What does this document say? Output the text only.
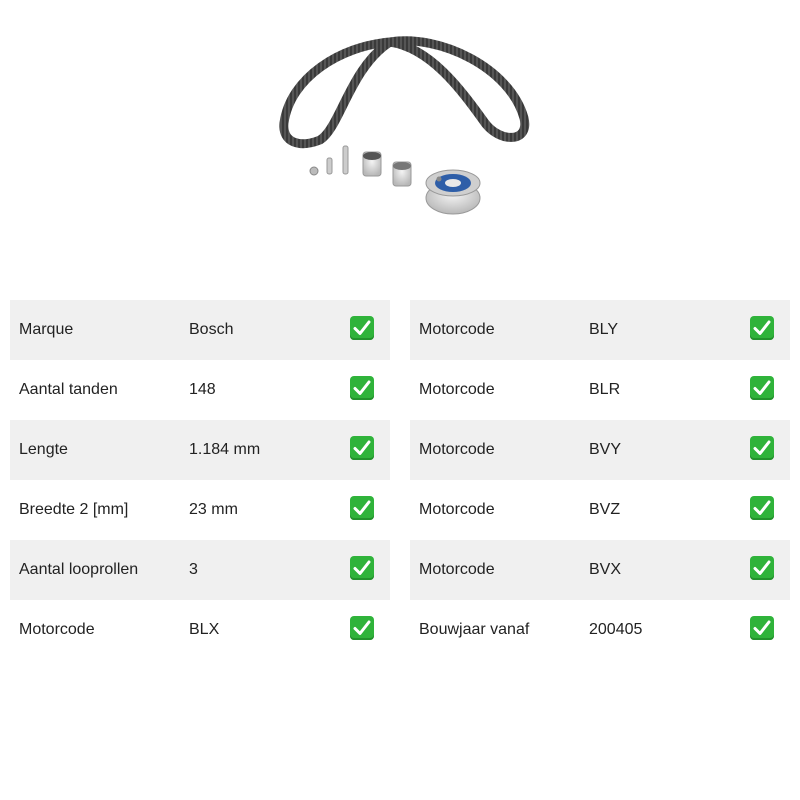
Marque	Bosch
Aantal tanden	148
Lengte	1.184 mm
Breedte 2 [mm]	23 mm
Aantal looprollen	3
Motorcode	BLX
Motorcode	BLY
Motorcode	BLR
Motorcode	BVY
Motorcode	BVZ
Motorcode	BVX
Bouwjaar vanaf	200405
